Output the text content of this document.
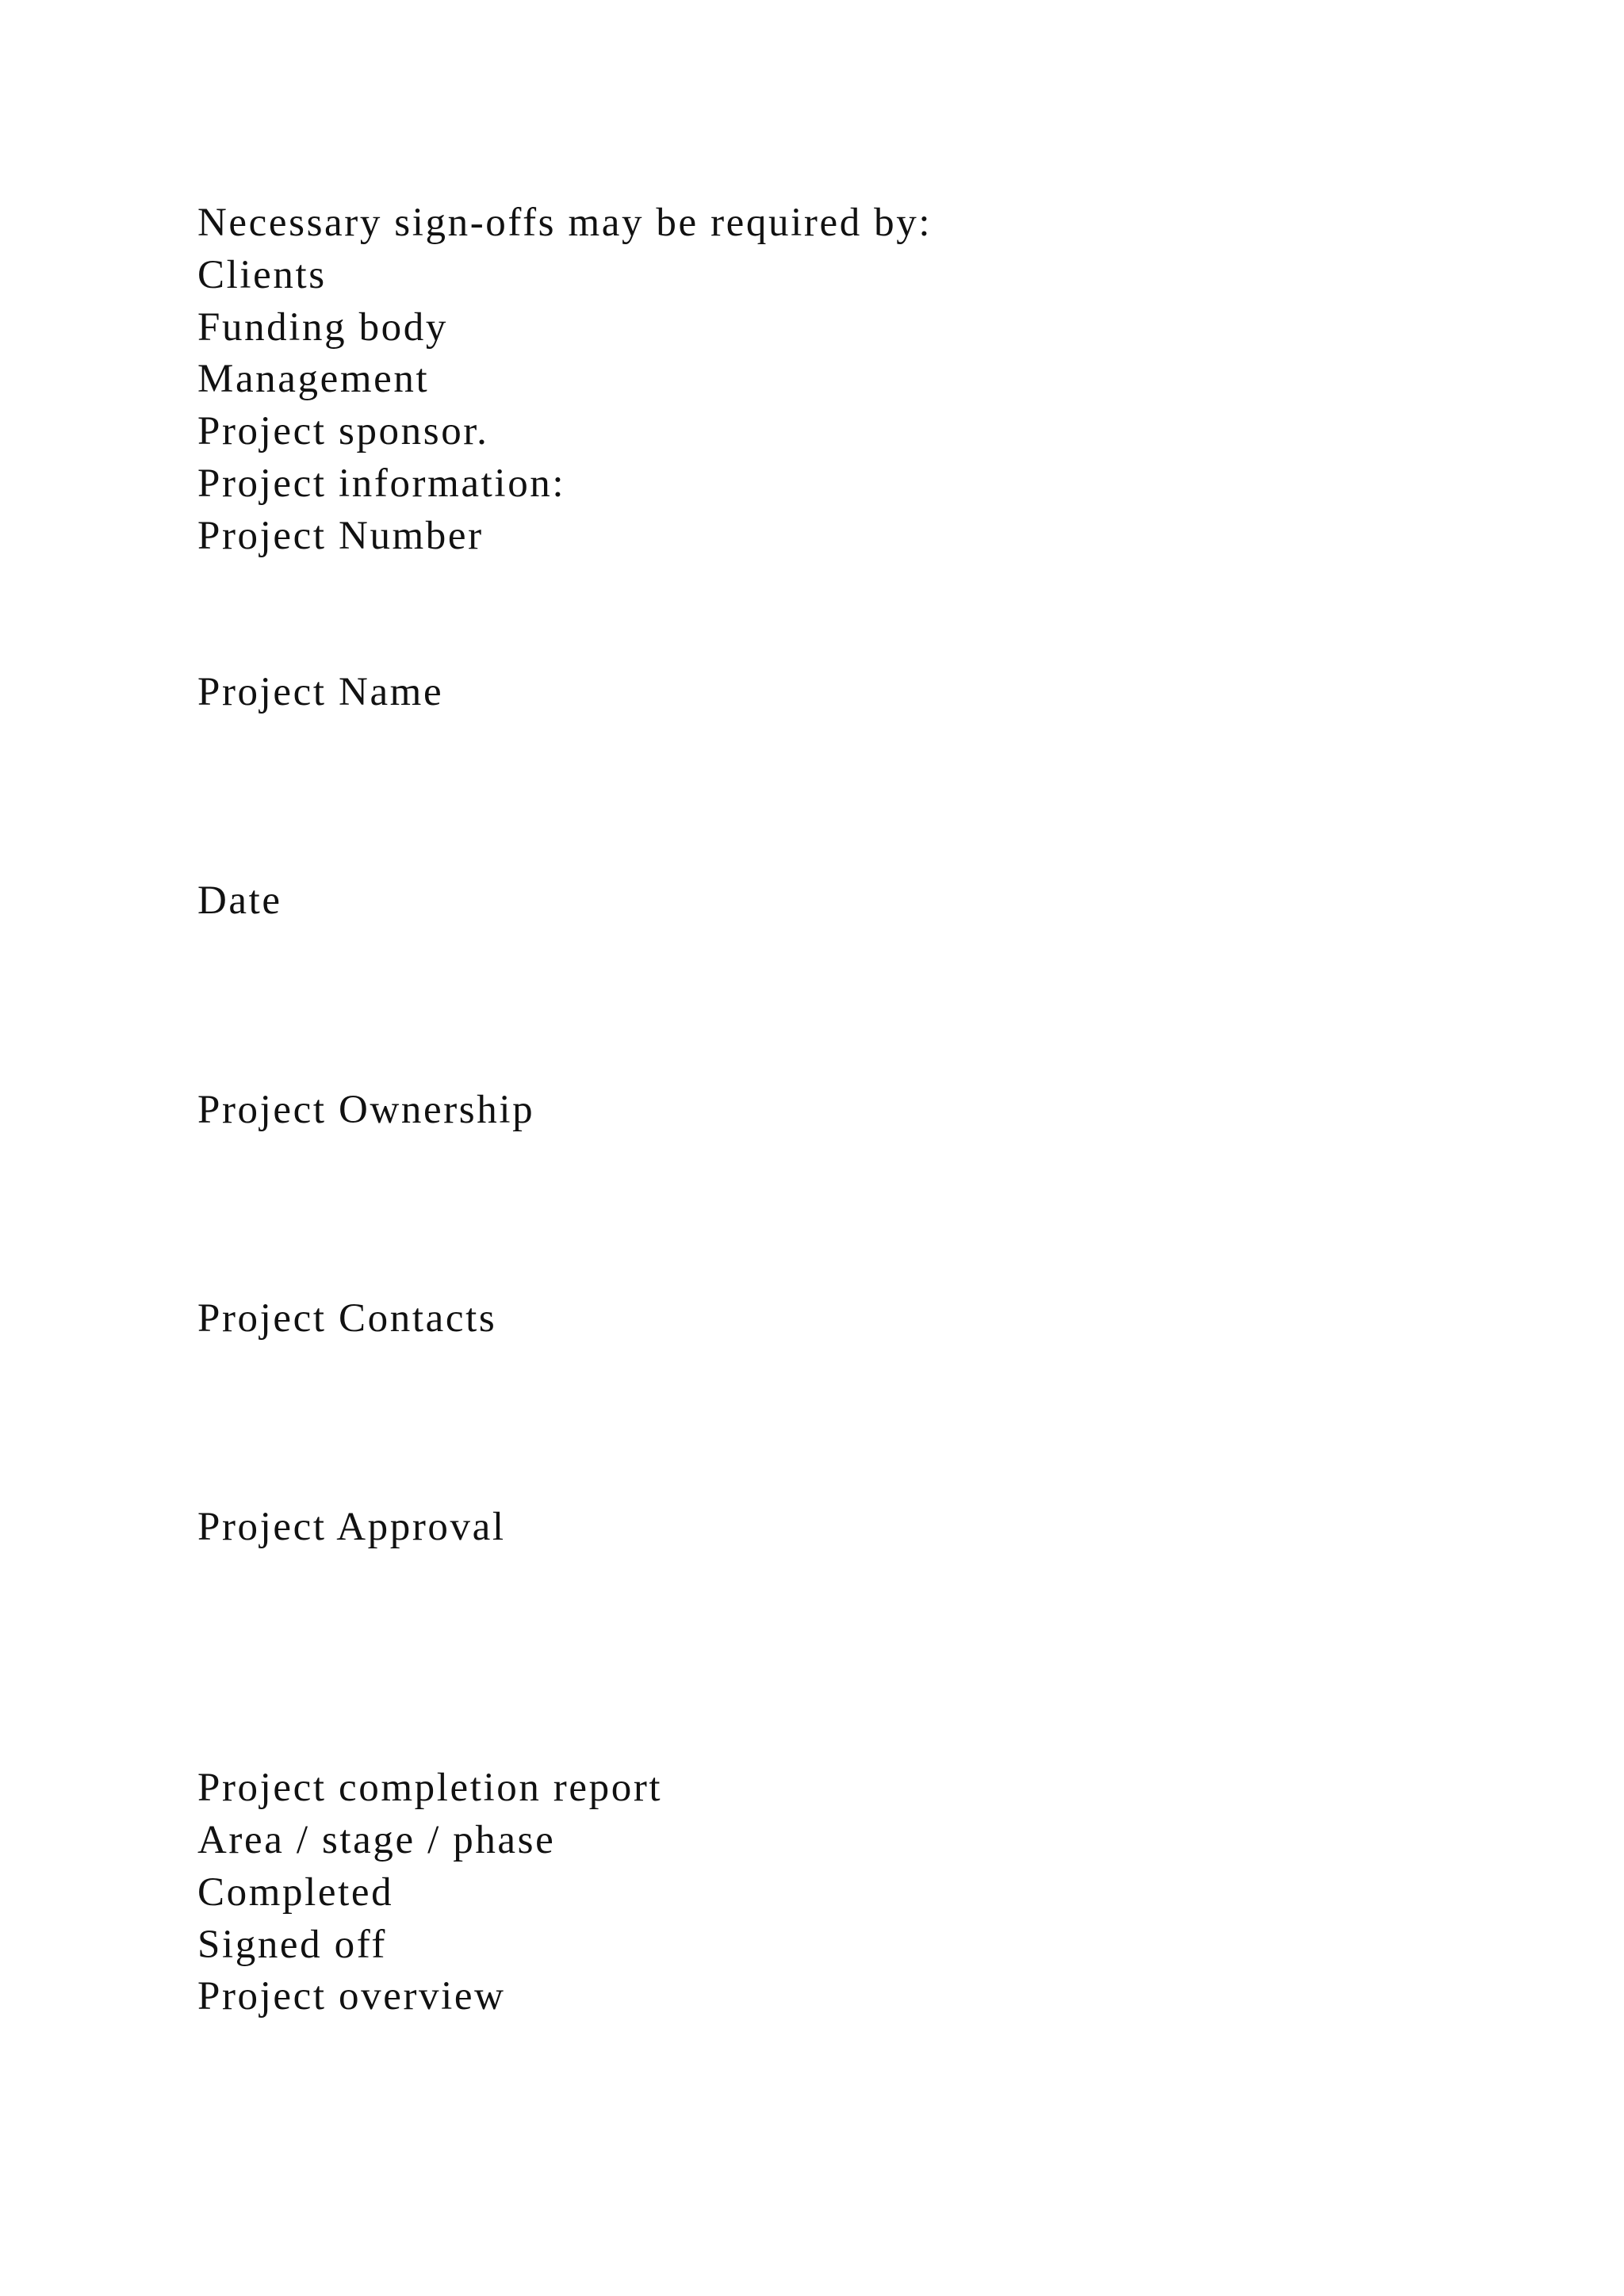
Necessary sign-offs may be required by:

Clients

Funding body

Management

Project sponsor.

Project information:

Project Number

Project Name

Date

Project Ownership

Project Contacts

Project Approval

Project completion report

Area / stage / phase

Completed

Signed off

Project overview
